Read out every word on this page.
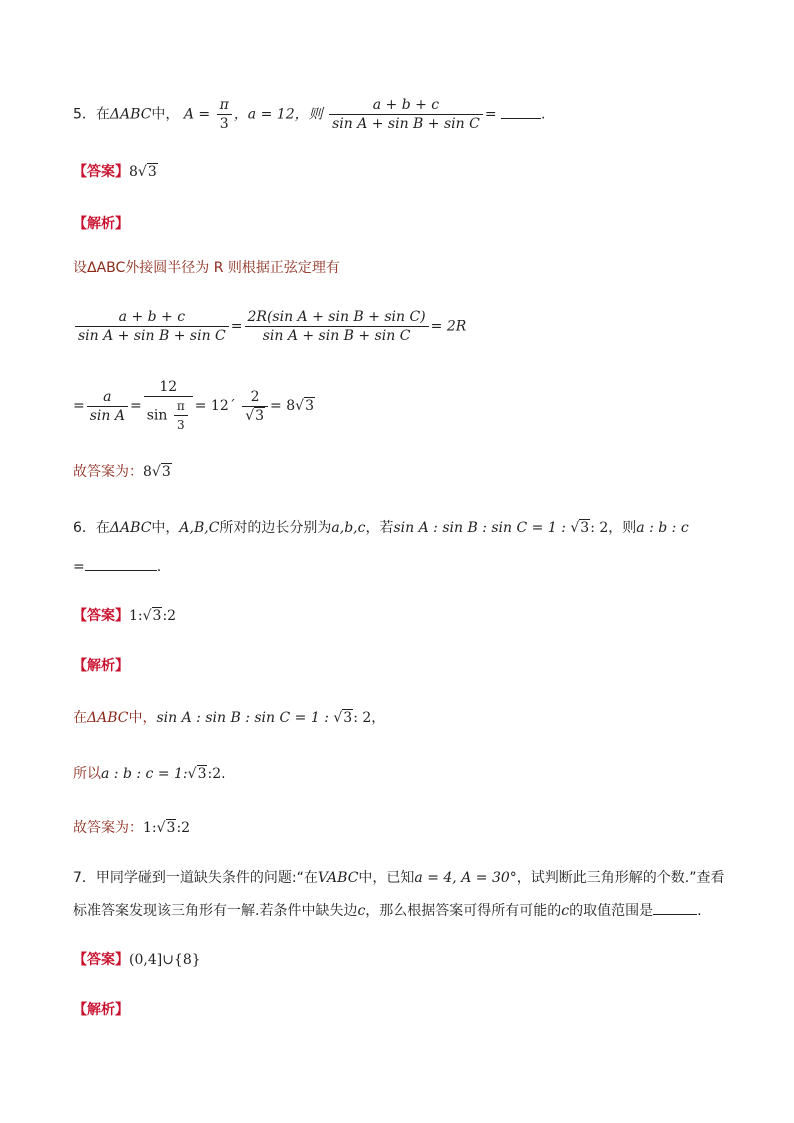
5．在ΔABC中， $A = \frac{\pi}{3}$ ，a = 12，则 $\frac{a + b + c}{\text{sin A + sin B + sin C}}$ =	.
【答案】8√3
【解析】
设ΔABC外接圆半径为 R 则根据正弦定理有
$\frac{a + b + c}{\text{sin A + sin B + sin C}} = \frac{\text{2R(sin A + sin B + sin C)}}{\text{sin A + sin B + sin C}} = 2R$
= $\frac{a}{\text{sin A}} = \frac{12}{\sin \frac{\pi}{3}}$ = 12´ $\frac{2}{√3} = 8√3$
故答案为：8√3
6．在ΔABC中，A,B,C所对的边长分别为a,b,c，若sin A : sin B : sin C = 1 : √3: 2，则a : b : c
=	.
【答案】1:√3:2
【解析】
在ΔABC中，sin A : sin B : sin C = 1 : √3: 2，
所以a : b : c = 1:√3:2.
故答案为：1:√3:2
7．甲同学碰到一道缺失条件的问题:“在VABC中，已知a = 4, A = 30°，试判断此三角形解的个数.”查看
标准答案发现该三角形有一解.若条件中缺失边c，那么根据答案可得所有可能的c的取值范围是	.
【答案】(0,4]∪{8}
【解析】
